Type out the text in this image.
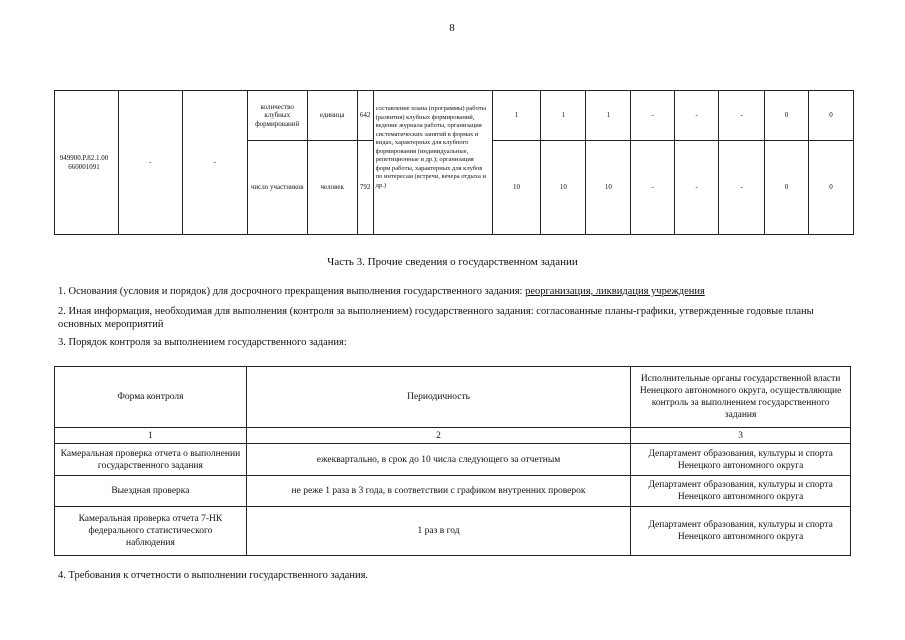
8
949900.Р.82.1.00660001091	-	-	количество клубных формирований	единица	642	составление плана (программы) работы (развития) клубных формирований, ведение журнала работы, организация систематических занятий в формах и видах, характерных для клубного формирования (индивидуальные, репетиционные и др.); организация форм работы, характерных для клубов по интересам (встречи, вечера отдыха и др.)	1	1	1	-	-	-	0	0
			число участников	человек	792		10	10	10	-	-	-	0	0
Часть 3. Прочие сведения о государственном задании
1. Основания (условия и порядок) для досрочного прекращения выполнения государственного задания: реорганизация, ликвидация учреждения
2. Иная информация, необходимая для выполнения (контроля за выполнением) государственного задания: согласованные планы-графики, утвержденные годовые планы основных мероприятий
3. Порядок контроля за выполнением государственного задания:
Форма контроля	Периодичность	Исполнительные органы государственной власти Ненецкого автономного округа, осуществляющие контроль за выполнением государственного задания
1	2	3
Камеральная проверка отчета о выполнении государственного задания	ежеквартально, в срок до 10 числа следующего за отчетным	Департамент образования, культуры и спорта Ненецкого автономного округа
Выездная проверка	не реже 1 раза в 3 года, в соответствии с графиком внутренних проверок	Департамент образования, культуры и спорта Ненецкого автономного округа
Камеральная проверка отчета 7-НК федерального статистического наблюдения	1 раз в год	Департамент образования, культуры и спорта Ненецкого автономного округа
4. Требования к отчетности о выполнении государственного задания.
